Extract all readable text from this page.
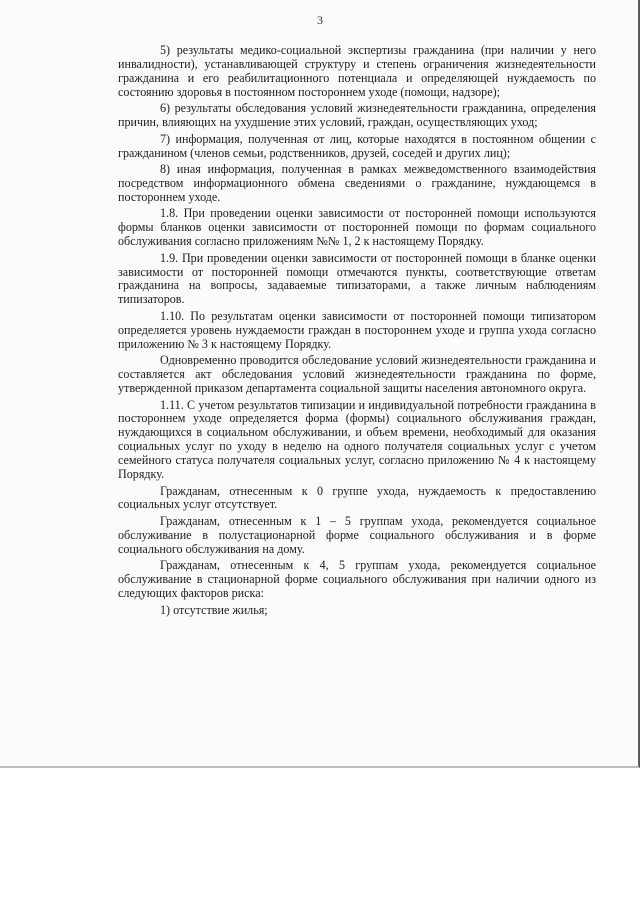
3

5) результаты медико-социальной экспертизы гражданина (при наличии у него инвалидности), устанавливающей структуру и степень ограничения жизнедеятельности гражданина и его реабилитационного потенциала и определяющей нуждаемость по состоянию здоровья в постоянном постороннем уходе (помощи, надзоре);

6) результаты обследования условий жизнедеятельности гражданина, определения причин, влияющих на ухудшение этих условий, граждан, осуществляющих уход;

7) информация, полученная от лиц, которые находятся в постоянном общении с гражданином (членов семьи, родственников, друзей, соседей и других лиц);

8) иная информация, полученная в рамках межведомственного взаимодействия посредством информационного обмена сведениями о гражданине, нуждающемся в постороннем уходе.

1.8. При проведении оценки зависимости от посторонней помощи используются формы бланков оценки зависимости от посторонней помощи по формам социального обслуживания согласно приложениям №№ 1, 2 к настоящему Порядку.

1.9. При проведении оценки зависимости от посторонней помощи в бланке оценки зависимости от посторонней помощи отмечаются пункты, соответствующие ответам гражданина на вопросы, задаваемые типизаторами, а также личным наблюдениям типизаторов.

1.10. По результатам оценки зависимости от посторонней помощи типизатором определяется уровень нуждаемости граждан в постороннем уходе и группа ухода согласно приложению № 3 к настоящему Порядку.

Одновременно проводится обследование условий жизнедеятельности гражданина и составляется акт обследования условий жизнедеятельности гражданина по форме, утвержденной приказом департамента социальной защиты населения автономного округа.

1.11. С учетом результатов типизации и индивидуальной потребности гражданина в постороннем уходе определяется форма (формы) социального обслуживания граждан, нуждающихся в социальном обслуживании, и объем времени, необходимый для оказания социальных услуг по уходу в неделю на одного получателя социальных услуг с учетом семейного статуса получателя социальных услуг, согласно приложению № 4 к настоящему Порядку.

Гражданам, отнесенным к 0 группе ухода, нуждаемость к предоставлению социальных услуг отсутствует.

Гражданам, отнесенным к 1 – 5 группам ухода, рекомендуется социальное обслуживание в полустационарной форме социального обслуживания и в форме социального обслуживания на дому.

Гражданам, отнесенным к 4, 5 группам ухода, рекомендуется социальное обслуживание в стационарной форме социального обслуживания при наличии одного из следующих факторов риска:

1) отсутствие жилья;
